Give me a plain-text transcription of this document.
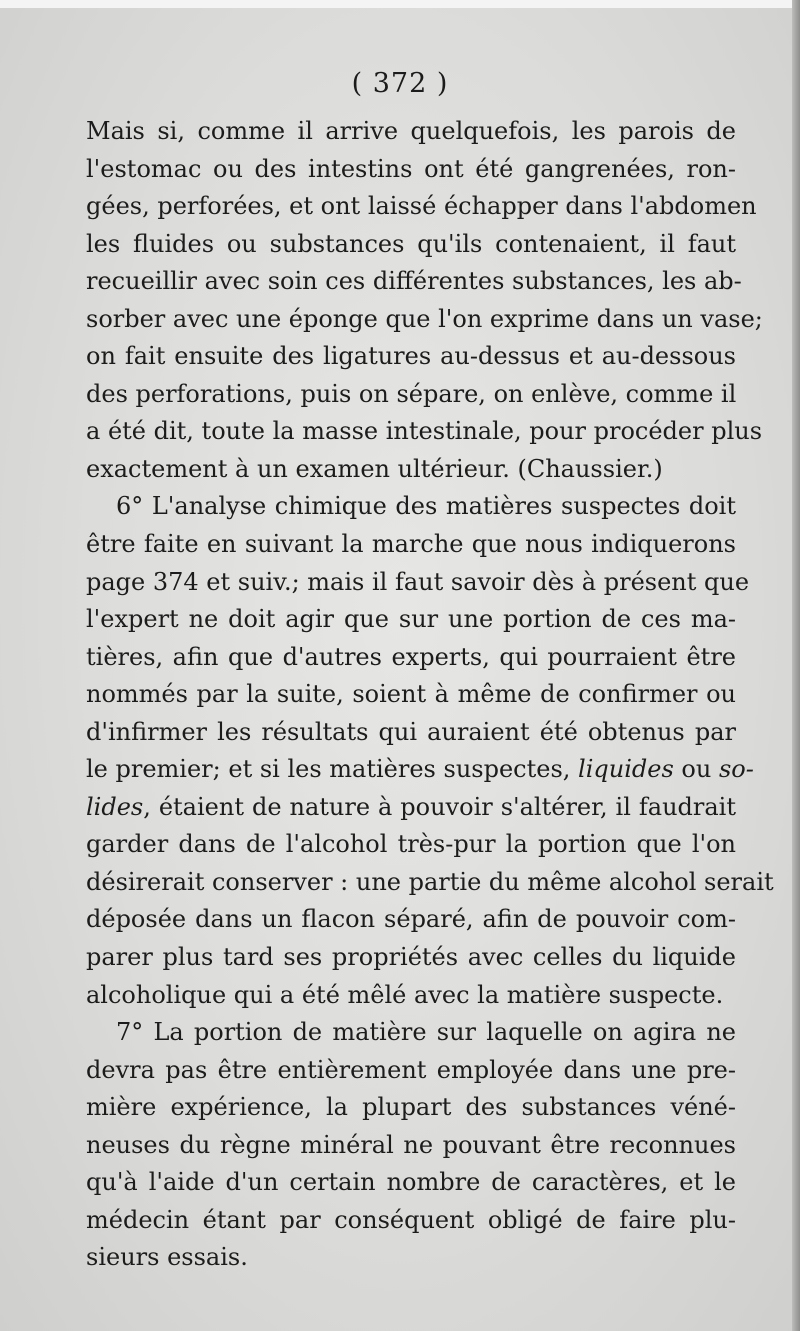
( 372 )
Mais si, comme il arrive quelquefois, les parois de
l'estomac ou des intestins ont été gangrenées, ron-
gées, perforées, et ont laissé échapper dans l'abdomen
les fluides ou substances qu'ils contenaient, il faut
recueillir avec soin ces différentes substances, les ab-
sorber avec une éponge que l'on exprime dans un vase;
on fait ensuite des ligatures au-dessus et au-dessous
des perforations, puis on sépare, on enlève, comme il
a été dit, toute la masse intestinale, pour procéder plus
exactement à un examen ultérieur. (Chaussier.)
6° L'analyse chimique des matières suspectes doit
être faite en suivant la marche que nous indiquerons
page 374 et suiv.; mais il faut savoir dès à présent que
l'expert ne doit agir que sur une portion de ces ma-
tières, afin que d'autres experts, qui pourraient être
nommés par la suite, soient à même de confirmer ou
d'infirmer les résultats qui auraient été obtenus par
le premier; et si les matières suspectes, liquides ou so-
lides, étaient de nature à pouvoir s'altérer, il faudrait
garder dans de l'alcohol très-pur la portion que l'on
désirerait conserver : une partie du même alcohol serait
déposée dans un flacon séparé, afin de pouvoir com-
parer plus tard ses propriétés avec celles du liquide
alcoholique qui a été mêlé avec la matière suspecte.
7° La portion de matière sur laquelle on agira ne
devra pas être entièrement employée dans une pre-
mière expérience, la plupart des substances véné-
neuses du règne minéral ne pouvant être reconnues
qu'à l'aide d'un certain nombre de caractères, et le
médecin étant par conséquent obligé de faire plu-
sieurs essais.
